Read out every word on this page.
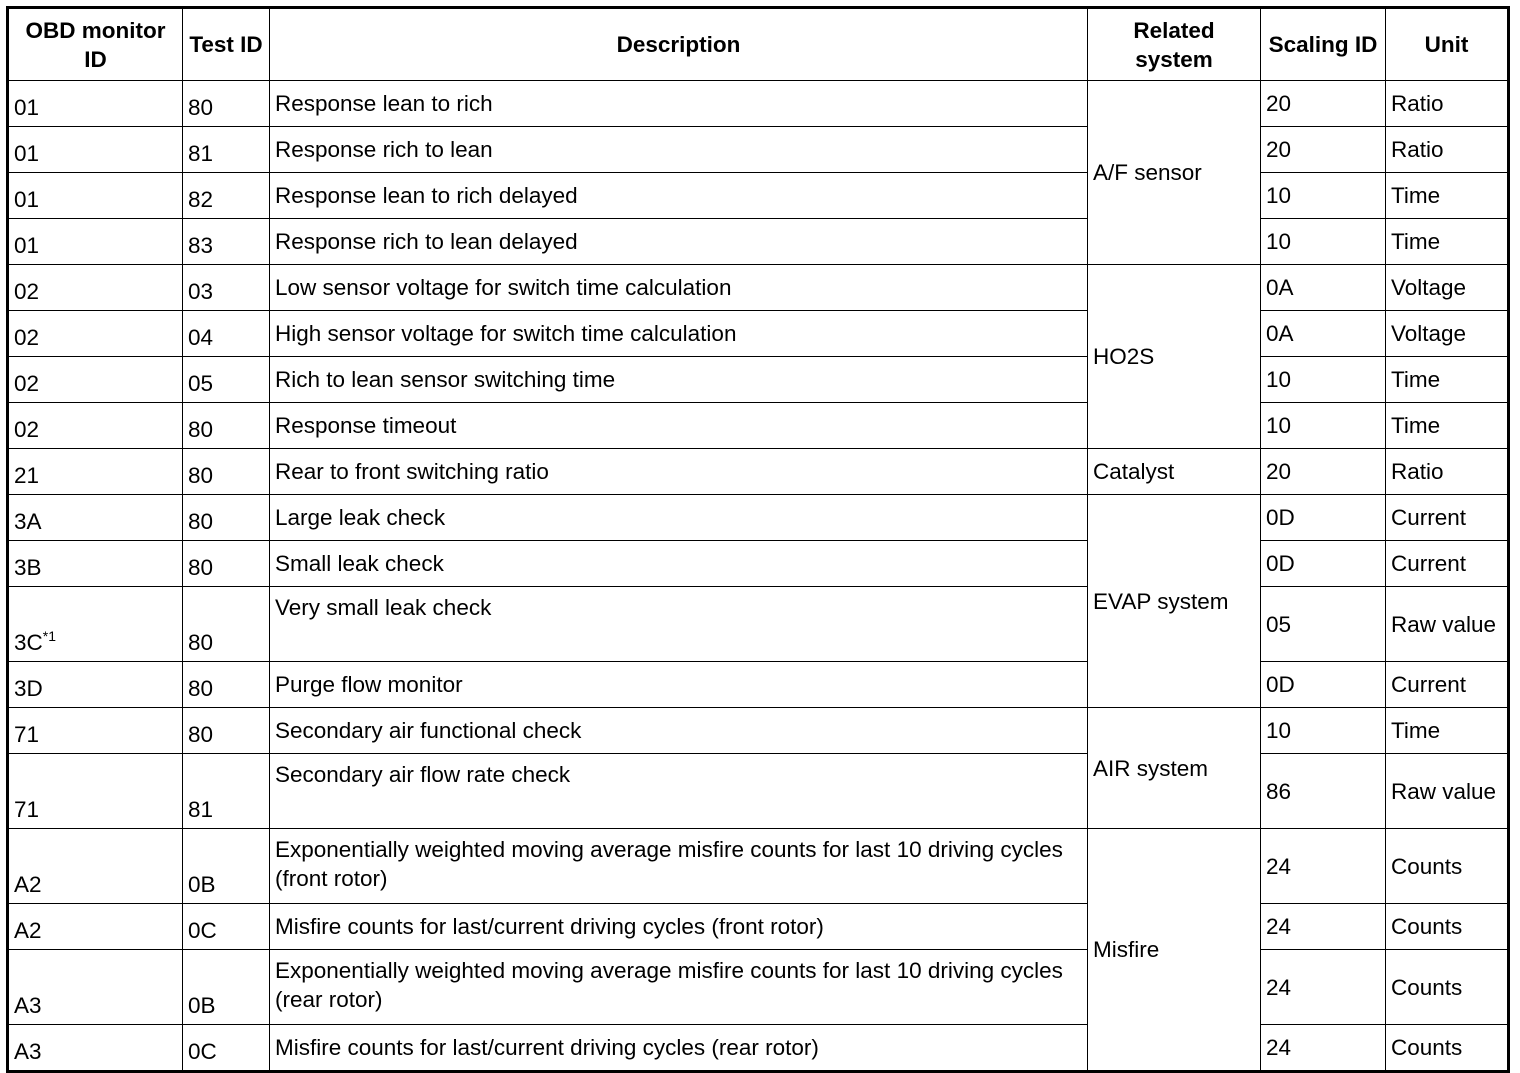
OBD monitor ID	Test ID	Description	Related system	Scaling ID	Unit
01	80	Response lean to rich	A/F sensor	20	Ratio
01	81	Response rich to lean		20	Ratio
01	82	Response lean to rich delayed		10	Time
01	83	Response rich to lean delayed		10	Time
02	03	Low sensor voltage for switch time calculation	HO2S	0A	Voltage
02	04	High sensor voltage for switch time calculation		0A	Voltage
02	05	Rich to lean sensor switching time		10	Time
02	80	Response timeout		10	Time
21	80	Rear to front switching ratio	Catalyst	20	Ratio
3A	80	Large leak check	EVAP system	0D	Current
3B	80	Small leak check		0D	Current
$3C^{*1}$	80	Very small leak check		05	Raw value
3D	80	Purge flow monitor		0D	Current
71	80	Secondary air functional check	AIR system	10	Time
71	81	Secondary air flow rate check		86	Raw value
A2	0B	Exponentially weighted moving average misfire counts for last 10 driving cycles (front rotor)	Misfire	24	Counts
A2	0C	Misfire counts for last/current driving cycles (front rotor)		24	Counts
A3	0B	Exponentially weighted moving average misfire counts for last 10 driving cycles (rear rotor)		24	Counts
A3	0C	Misfire counts for last/current driving cycles (rear rotor)		24	Counts
